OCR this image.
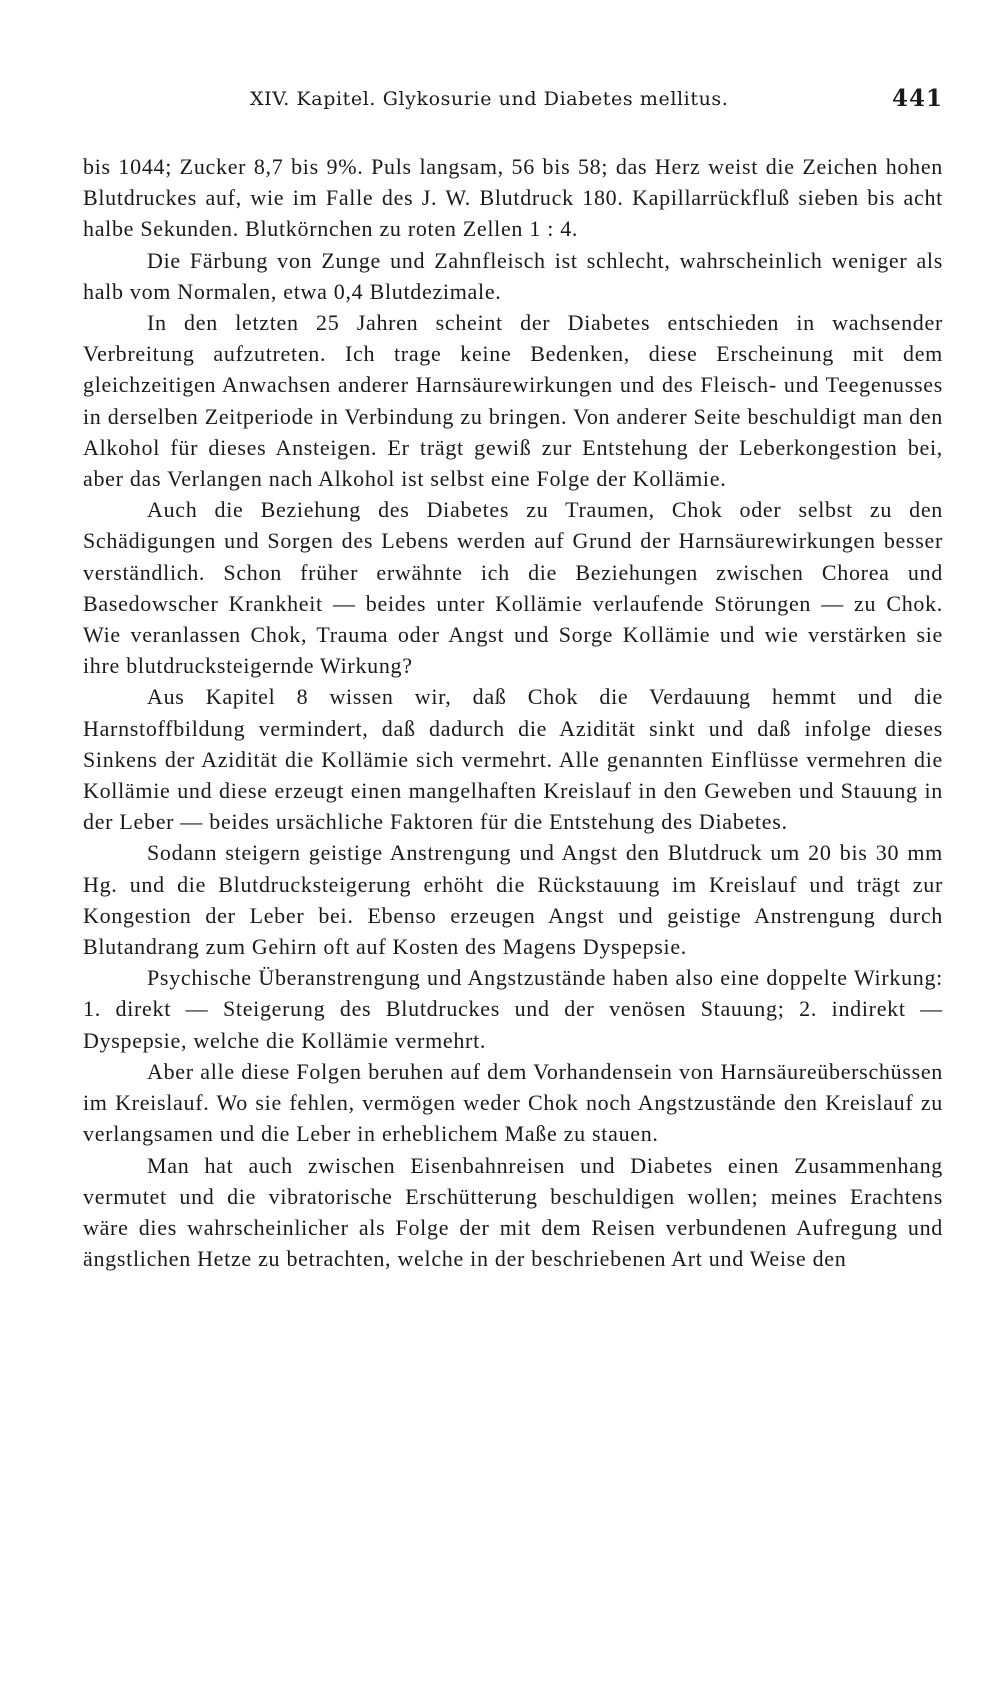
XIV. Kapitel. Glykosurie und Diabetes mellitus.	441

bis 1044; Zucker 8,7 bis 9%. Puls langsam, 56 bis 58; das Herz weist die Zeichen hohen Blutdruckes auf, wie im Falle des J. W. Blutdruck 180. Kapillarrückfluß sieben bis acht halbe Sekunden. Blutkörnchen zu roten Zellen 1 : 4.

Die Färbung von Zunge und Zahnfleisch ist schlecht, wahrscheinlich weniger als halb vom Normalen, etwa 0,4 Blutdezimale.

In den letzten 25 Jahren scheint der Diabetes entschieden in wachsender Verbreitung aufzutreten. Ich trage keine Bedenken, diese Erscheinung mit dem gleichzeitigen Anwachsen anderer Harnsäurewirkungen und des Fleisch- und Teegenusses in derselben Zeitperiode in Verbindung zu bringen. Von anderer Seite beschuldigt man den Alkohol für dieses Ansteigen. Er trägt gewiß zur Entstehung der Leberkongestion bei, aber das Verlangen nach Alkohol ist selbst eine Folge der Kollämie.

Auch die Beziehung des Diabetes zu Traumen, Chok oder selbst zu den Schädigungen und Sorgen des Lebens werden auf Grund der Harnsäurewirkungen besser verständlich. Schon früher erwähnte ich die Beziehungen zwischen Chorea und Basedowscher Krankheit — beides unter Kollämie verlaufende Störungen — zu Chok. Wie veranlassen Chok, Trauma oder Angst und Sorge Kollämie und wie verstärken sie ihre blutdrucksteigernde Wirkung?

Aus Kapitel 8 wissen wir, daß Chok die Verdauung hemmt und die Harnstoffbildung vermindert, daß dadurch die Azidität sinkt und daß infolge dieses Sinkens der Azidität die Kollämie sich vermehrt. Alle genannten Einflüsse vermehren die Kollämie und diese erzeugt einen mangelhaften Kreislauf in den Geweben und Stauung in der Leber — beides ursächliche Faktoren für die Entstehung des Diabetes.

Sodann steigern geistige Anstrengung und Angst den Blutdruck um 20 bis 30 mm Hg. und die Blutdrucksteigerung erhöht die Rückstauung im Kreislauf und trägt zur Kongestion der Leber bei. Ebenso erzeugen Angst und geistige Anstrengung durch Blutandrang zum Gehirn oft auf Kosten des Magens Dyspepsie.

Psychische Überanstrengung und Angstzustände haben also eine doppelte Wirkung: 1. direkt — Steigerung des Blutdruckes und der venösen Stauung; 2. indirekt — Dyspepsie, welche die Kollämie vermehrt.

Aber alle diese Folgen beruhen auf dem Vorhandensein von Harnsäureüberschüssen im Kreislauf. Wo sie fehlen, vermögen weder Chok noch Angstzustände den Kreislauf zu verlangsamen und die Leber in erheblichem Maße zu stauen.

Man hat auch zwischen Eisenbahnreisen und Diabetes einen Zusammenhang vermutet und die vibratorische Erschütterung beschuldigen wollen; meines Erachtens wäre dies wahrscheinlicher als Folge der mit dem Reisen verbundenen Aufregung und ängstlichen Hetze zu betrachten, welche in der beschriebenen Art und Weise den
